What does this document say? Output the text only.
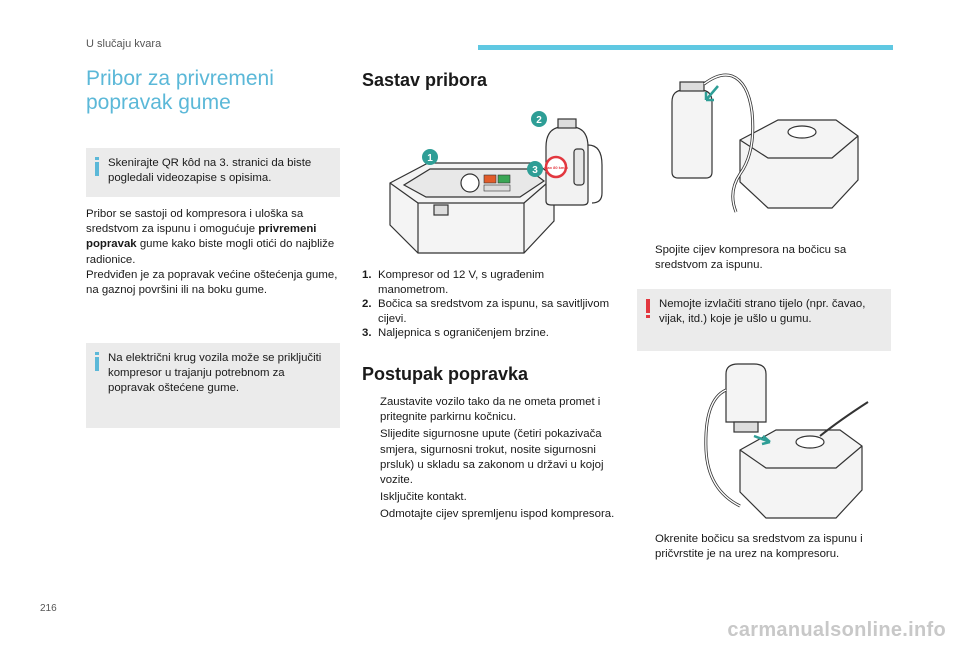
U slučaju kvara
Pribor za privremeni popravak gume
Skenirajte QR kôd na 3. stranici da biste pogledali videozapise s opisima.
Pribor se sastoji od kompresora i uloška sa sredstvom za ispunu i omogućuje privremeni popravak gume kako biste mogli otići do najbliže radionice.
Predviđen je za popravak većine oštećenja gume, na gaznoj površini ili na boku gume.
Na električni krug vozila može se priključiti kompresor u trajanju potrebnom za popravak oštećene gume.
Sastav pribora
1
2
3 max 80 km/h
1. Kompresor od 12 V, s ugrađenim manometrom.
2. Bočica sa sredstvom za ispunu, sa savitljivom cijevi.
3. Naljepnica s ograničenjem brzine.
Postupak popravka
Zaustavite vozilo tako da ne ometa promet i pritegnite parkirnu kočnicu.
Slijedite sigurnosne upute (četiri pokazivača smjera, sigurnosni trokut, nosite sigurnosni prsluk) u skladu sa zakonom u državi u kojoj vozite.
Isključite kontakt.
Odmotajte cijev spremljenu ispod kompresora.
Spojite cijev kompresora na bočicu sa sredstvom za ispunu.
Nemojte izvlačiti strano tijelo (npr. čavao, vijak, itd.) koje je ušlo u gumu.
Okrenite bočicu sa sredstvom za ispunu i pričvrstite je na urez na kompresoru.
216
carmanualsonline.info
